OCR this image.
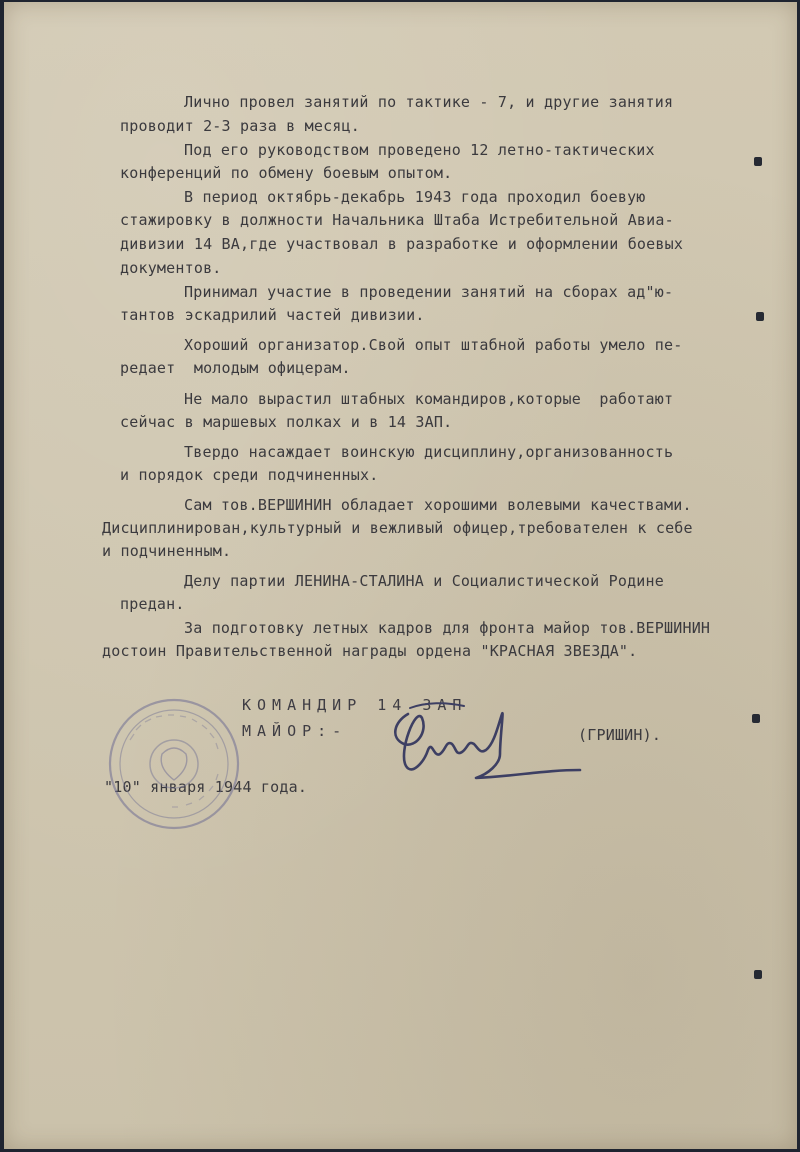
Лично провел занятий по тактике - 7, и другие занятия
проводит 2-3 раза в месяц.
Под его руководством проведено 12 летно-тактических
конференций по обмену боевым опытом.
В период октябрь-декабрь 1943 года проходил боевую
стажировку в должности Начальника Штаба Истребительной Авиа-
дивизии 14 ВА,где участвовал в разработке и оформлении боевых
документов.
Принимал участие в проведении занятий на сборах ад"ю-
тантов эскадрилий частей дивизии.
Хороший организатор.Свой опыт штабной работы умело пе-
редает  молодым офицерам.
Не мало вырастил штабных командиров,которые  работают
сейчас в маршевых полках и в 14 ЗАП.
Твердо насаждает воинскую дисциплину,организованность
и порядок среди подчиненных.
Сам тов.ВЕРШИНИН обладает хорошими волевыми качествами.
Дисциплинирован,культурный и вежливый офицер,требователен к себе
и подчиненным.
Делу партии ЛЕНИНА-СТАЛИНА и Социалистической Родине
предан.
За подготовку летных кадров для фронта майор тов.ВЕРШИНИН
достоин Правительственной награды ордена "КРАСНАЯ ЗВЕЗДА".
КОМАНДИР 14 ЗАП
МАЙОР:-	(ГРИШИН).
"10" января 1944 года.
